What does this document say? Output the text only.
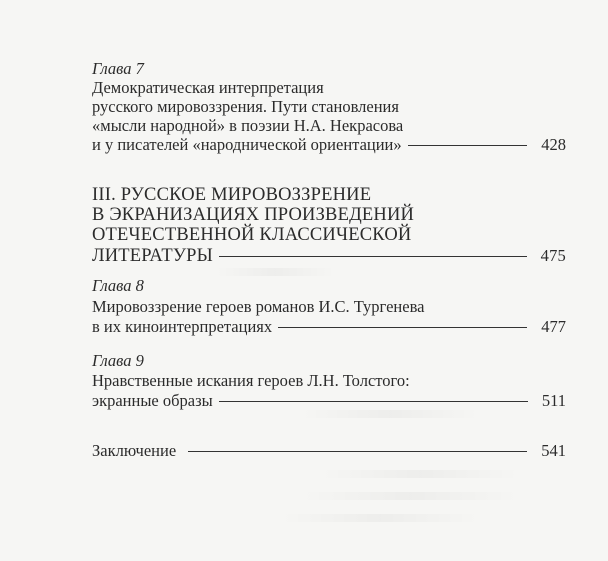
Глава 7
Демократическая интерпретация
русского мировоззрения. Пути становления
«мысли народной» в поэзии Н.А. Некрасова
и у писателей «народнической ориентации»	428
III. РУССКОЕ МИРОВОЗЗРЕНИЕ
В ЭКРАНИЗАЦИЯХ ПРОИЗВЕДЕНИЙ
ОТЕЧЕСТВЕННОЙ КЛАССИЧЕСКОЙ
ЛИТЕРАТУРЫ	475
Глава 8
Мировоззрение героев романов И.С. Тургенева
в их киноинтерпретациях	477
Глава 9
Нравственные искания героев Л.Н. Толстого:
экранные образы	511
Заключение	541
